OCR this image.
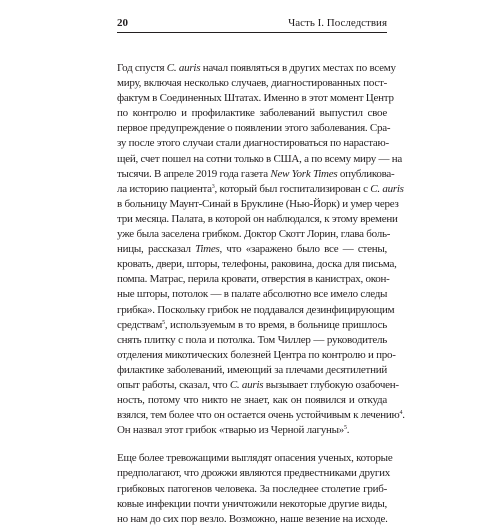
20	Часть I. Последствия

Год спустя C. auris начал появляться в других местах по всему
миру, включая несколько случаев, диагностированных пост-
фактум в Соединенных Штатах. Именно в этот момент Центр
по контролю и профилактике заболеваний выпустил свое
первое предупреждение о появлении этого заболевания. Сра-
зу после этого случаи стали диагностироваться по нарастаю-
щей, счет пошел на сотни только в США, а по всему миру — на
тысячи. В апреле 2019 года газета New York Times опубликова-
ла историю пациента$^3$, который был госпитализирован с C. auris
в больницу Маунт-Синай в Бруклине (Нью-Йорк) и умер через
три месяца. Палата, в которой он наблюдался, к этому времени
уже была заселена грибком. Доктор Скотт Лорин, глава боль-
ницы, рассказал Times, что «заражено было все — стены,
кровать, двери, шторы, телефоны, раковина, доска для письма,
помпа. Матрас, перила кровати, отверстия в канистрах, окон-
ные шторы, потолок — в палате абсолютно все имело следы
грибка». Поскольку грибок не поддавался дезинфицирующим
средствам$^5$, используемым в то время, в больнице пришлось
снять плитку с пола и потолка. Том Чиллер — руководитель
отделения микотических болезней Центра по контролю и про-
филактике заболеваний, имеющий за плечами десятилетний
опыт работы, сказал, что C. auris вызывает глубокую озабочен-
ность, потому что никто не знает, как он появился и откуда
взялся, тем более что он остается очень устойчивым к лечению$^4$.
Он назвал этот грибок «тварью из Черной лагуны»$^5$.

Еще более тревожащими выглядят опасения ученых, которые
предполагают, что дрожжи являются предвестниками других
грибковых патогенов человека. За последнее столетие гриб-
ковые инфекции почти уничтожили некоторые другие виды,
но нам до сих пор везло. Возможно, наше везение на исходе.
